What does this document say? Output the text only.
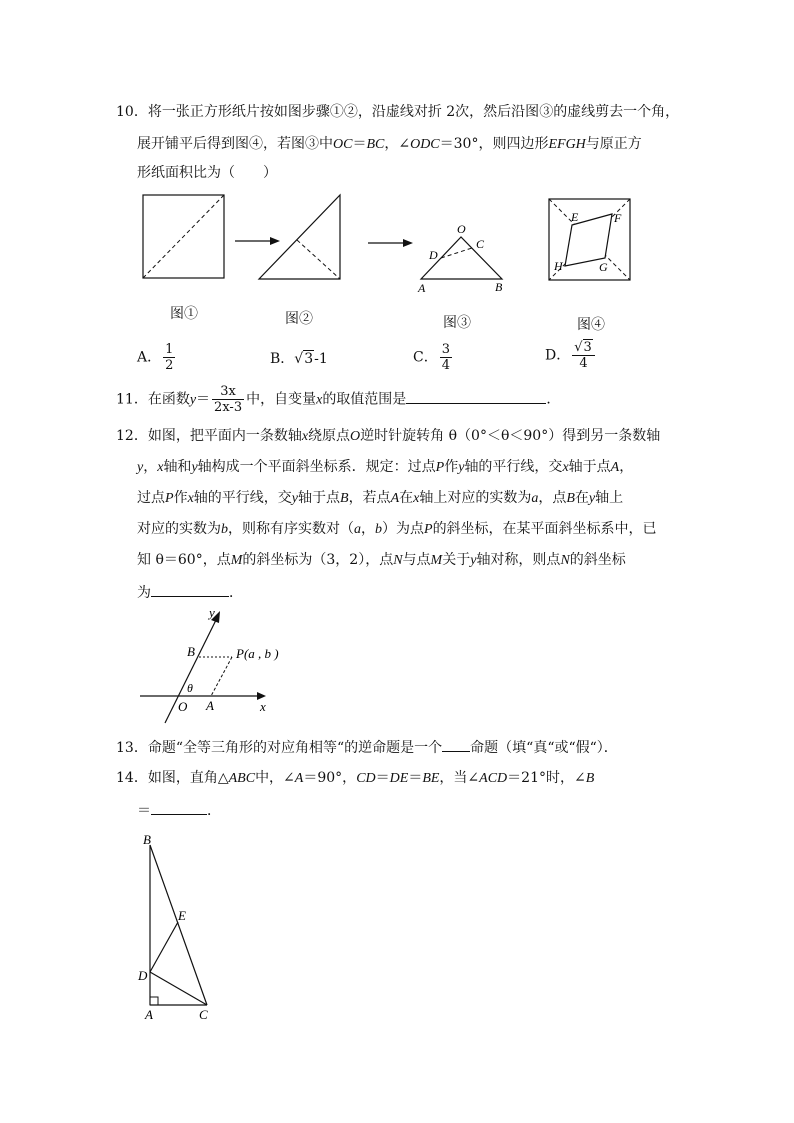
10．将一张正方形纸片按如图步骤①②，沿虚线对折 2次，然后沿图③的虚线剪去一个角，
展开铺平后得到图④，若图③中OC＝BC，∠ODC＝30°，则四边形EFGH与原正方
形纸面积比为（　　）
O
C
D
A	B
E	F
G
H
图①	图②	图③	图④
A． $\frac{1}{2}$	B．√3-1	C． $\frac{3}{4}$	D． $\frac{√3}{4}$
11．在函数$y= \frac{3x}{2x-3}$ 中，自变量x的取值范围是	．
12．如图，把平面内一条数轴x绕原点O逆时针旋转角 θ（0°＜θ＜90°）得到另一条数轴
y，x轴和y轴构成一个平面斜坐标系．规定：过点P作y轴的平行线，交x轴于点A，
过点P作x轴的平行线，交y轴于点B，若点A在x轴上对应的实数为a，点B在y轴上
对应的实数为b，则称有序实数对（a，b）为点P的斜坐标，在某平面斜坐标系中，已
知 θ＝60°，点M的斜坐标为（3，2），点N与点M关于y轴对称，则点N的斜坐标
为	．
y
x
B	P(a , b )
θ
O A
13．命题“全等三角形的对应角相等“的逆命题是一个 命题（填“真“或“假“）．
14．如图，直角△ABC中，∠A＝90°，CD＝DE＝BE，当∠ACD＝21°时，∠B
＝	．
B
E
D
A	C
